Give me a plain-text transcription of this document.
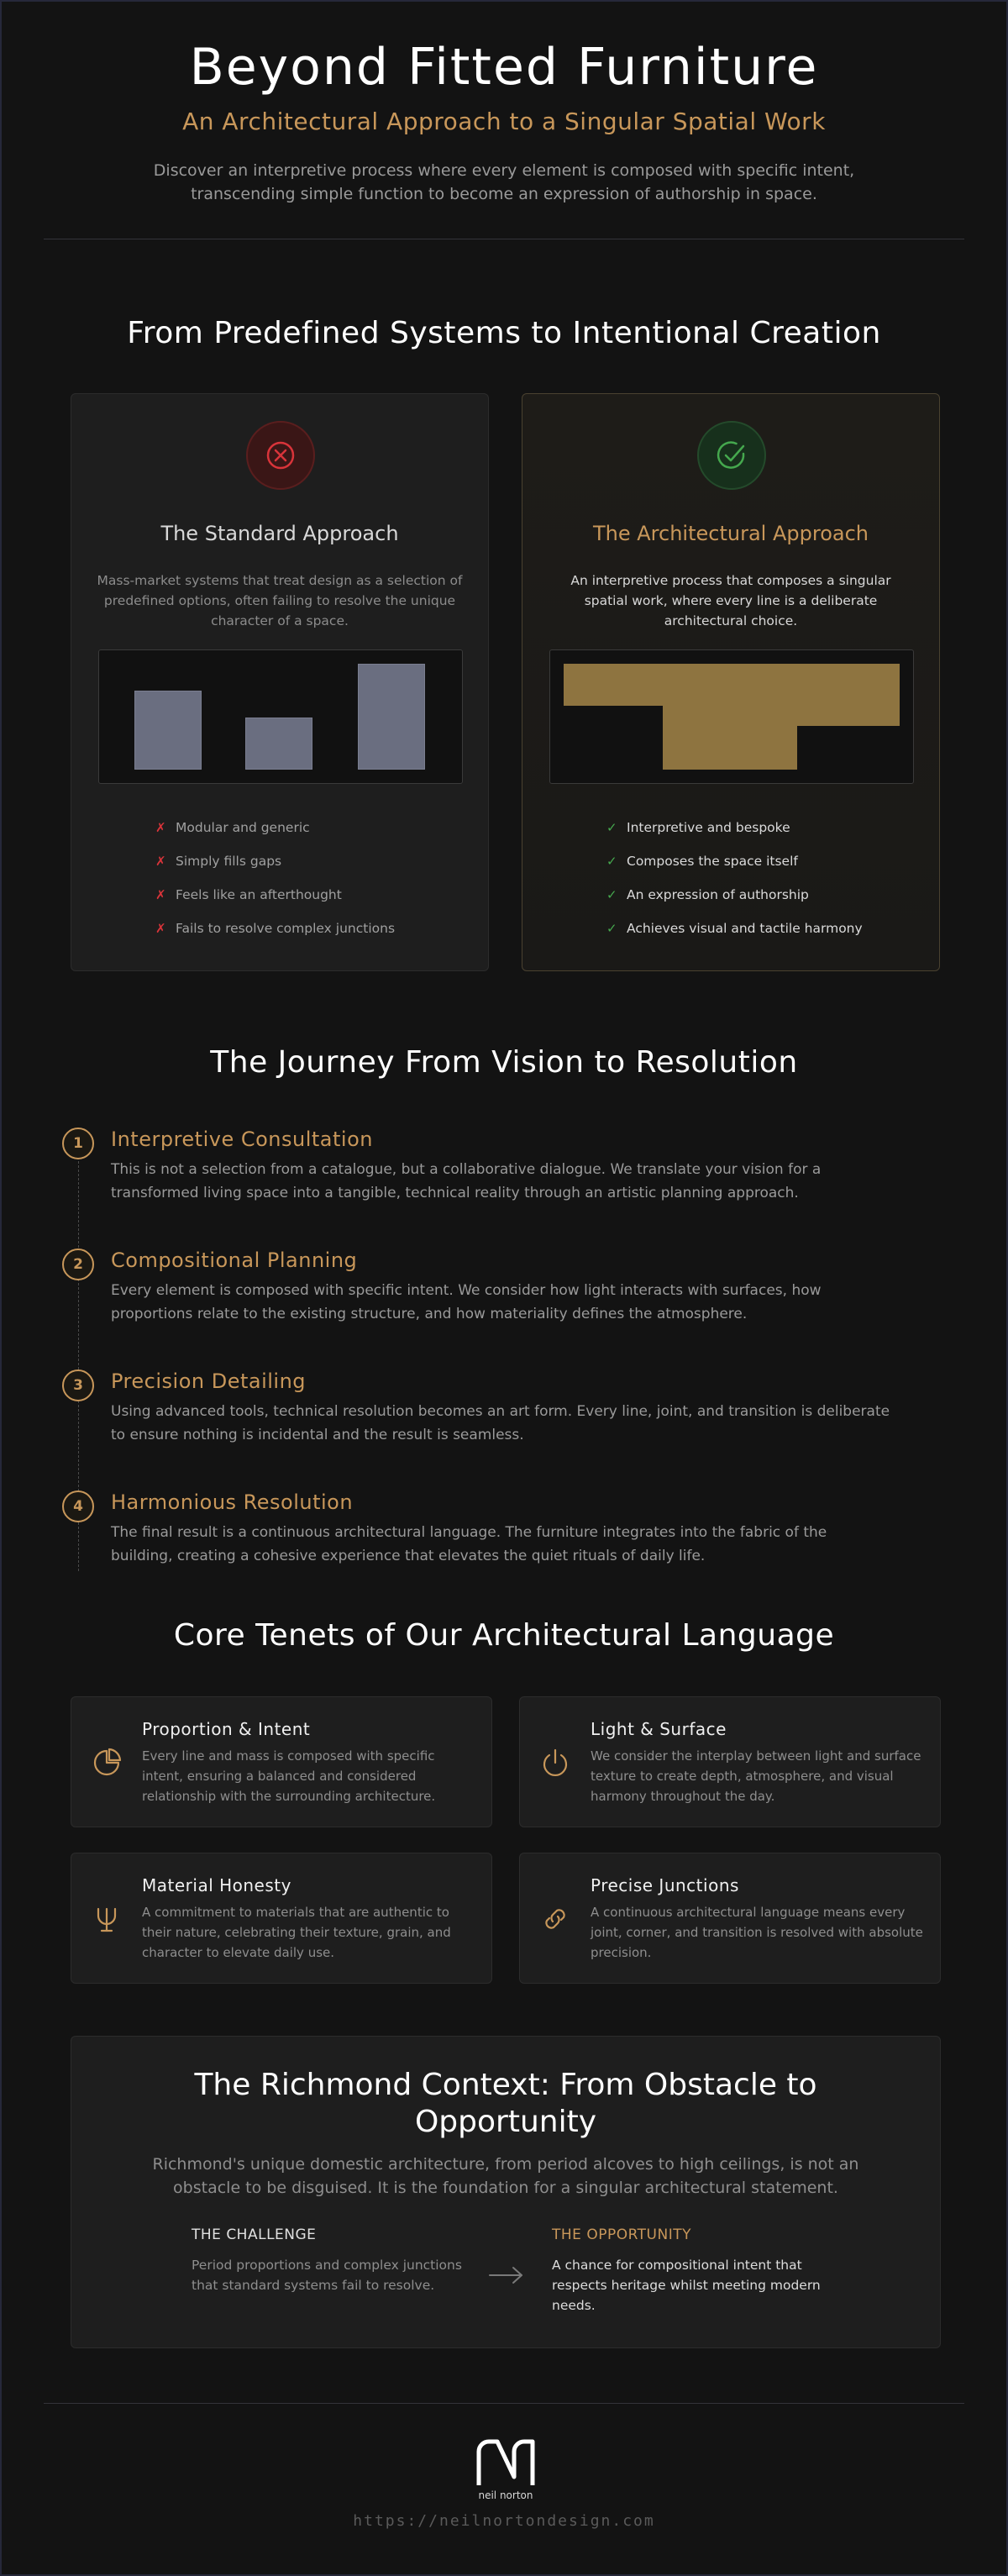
Beyond Fitted Furniture
An Architectural Approach to a Singular Spatial Work

Discover an interpretive process where every element is composed with specific intent, transcending simple function to become an expression of authorship in space.

From Predefined Systems to Intentional Creation
The Standard Approach
Mass-market systems that treat design as a selection of predefined options, often failing to resolve the unique character of a space.
✗ Modular and generic
✗ Simply fills gaps
✗ Feels like an afterthought
✗ Fails to resolve complex junctions
The Architectural Approach
An interpretive process that composes a singular spatial work, where every line is a deliberate architectural choice.
✓ Interpretive and bespoke
✓ Composes the space itself
✓ An expression of authorship
✓ Achieves visual and tactile harmony
The Journey From Vision to Resolution
1	Interpretive Consultation
This is not a selection from a catalogue, but a collaborative dialogue. We translate your vision for a transformed living space into a tangible, technical reality through an artistic planning approach.
2	Compositional Planning
Every element is composed with specific intent. We consider how light interacts with surfaces, how proportions relate to the existing structure, and how materiality defines the atmosphere.
3	Precision Detailing
Using advanced tools, technical resolution becomes an art form. Every line, joint, and transition is deliberate to ensure nothing is incidental and the result is seamless.
4	Harmonious Resolution
The final result is a continuous architectural language. The furniture integrates into the fabric of the building, creating a cohesive experience that elevates the quiet rituals of daily life.
Core Tenets of Our Architectural Language
Proportion & Intent
Every line and mass is composed with specific intent, ensuring a balanced and considered relationship with the surrounding architecture.
Light & Surface
We consider the interplay between light and surface texture to create depth, atmosphere, and visual harmony throughout the day.
Material Honesty
A commitment to materials that are authentic to their nature, celebrating their texture, grain, and character to elevate daily use.
Precise Junctions
A continuous architectural language means every joint, corner, and transition is resolved with absolute precision.
The Richmond Context: From Obstacle to Opportunity

Richmond's unique domestic architecture, from period alcoves to high ceilings, is not an obstacle to be disguised. It is the foundation for a singular architectural statement.

THE CHALLENGE
Period proportions and complex junctions that standard systems fail to resolve.
THE OPPORTUNITY
A chance for compositional intent that respects heritage whilst meeting modern needs.
neil norton
https://neilnortondesign.com
